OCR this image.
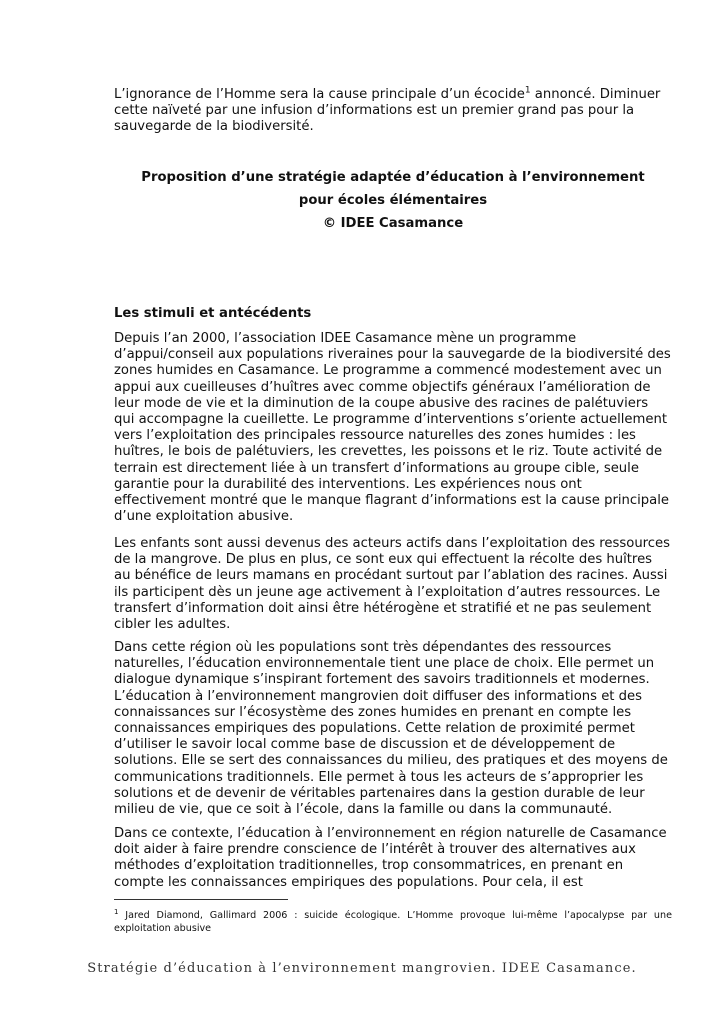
L’ignorance de l’Homme sera la cause principale d’un écocide$^1$ annoncé. Diminuer cette naïveté par une infusion d’informations est un premier grand pas pour la sauvegarde de la biodiversité.

Proposition d’une stratégie adaptée d’éducation à l’environnement
pour écoles élémentaires
© IDEE Casamance
Les stimuli et antécédents

Depuis l’an 2000, l’association IDEE Casamance mène un programme d’appui/conseil aux populations riveraines pour la sauvegarde de la biodiversité des zones humides en Casamance. Le programme a commencé modestement avec un appui aux cueilleuses d’huîtres avec comme objectifs généraux l’amélioration de leur mode de vie et la diminution de la coupe abusive des racines de palétuviers qui accompagne la cueillette. Le programme d’interventions s’oriente actuellement vers l’exploitation des principales ressource naturelles des zones humides : les huîtres, le bois de palétuviers, les crevettes, les poissons et le riz. Toute activité de terrain est directement liée à un transfert d’informations au groupe cible, seule garantie pour la durabilité des interventions. Les expériences nous ont effectivement montré que le manque flagrant d’informations est la cause principale d’une exploitation abusive.

Les enfants sont aussi devenus des acteurs actifs dans l’exploitation des ressources de la mangrove. De plus en plus, ce sont eux qui effectuent la récolte des huîtres au bénéfice de leurs mamans en procédant surtout par l’ablation des racines. Aussi ils participent dès un jeune age activement à l’exploitation d’autres ressources. Le transfert d’information doit ainsi être hétérogène et stratifié et ne pas seulement cibler les adultes.

Dans cette région où les populations sont très dépendantes des ressources naturelles, l’éducation environnementale tient une place de choix. Elle permet un dialogue dynamique s’inspirant fortement des savoirs traditionnels et modernes. L’éducation à l’environnement mangrovien doit diffuser des informations et des connaissances sur l’écosystème des zones humides en prenant en compte les connaissances empiriques des populations. Cette relation de proximité permet d’utiliser le savoir local comme base de discussion et de développement de solutions. Elle se sert des connaissances du milieu, des pratiques et des moyens de communications traditionnels. Elle permet à tous les acteurs de s’approprier les solutions et de devenir de véritables partenaires dans la gestion durable de leur milieu de vie, que ce soit à l’école, dans la famille ou dans la communauté.

Dans ce contexte, l’éducation à l’environnement en région naturelle de Casamance doit aider à faire prendre conscience de l’intérêt à trouver des alternatives aux méthodes d’exploitation traditionnelles, trop consommatrices, en prenant en compte les connaissances empiriques des populations. Pour cela, il est

$^1$ Jared Diamond, Gallimard 2006 : suicide écologique. L’Homme provoque lui-même l’apocalypse par une exploitation abusive

Stratégie d’éducation à l’environnement mangrovien. IDEE Casamance.
